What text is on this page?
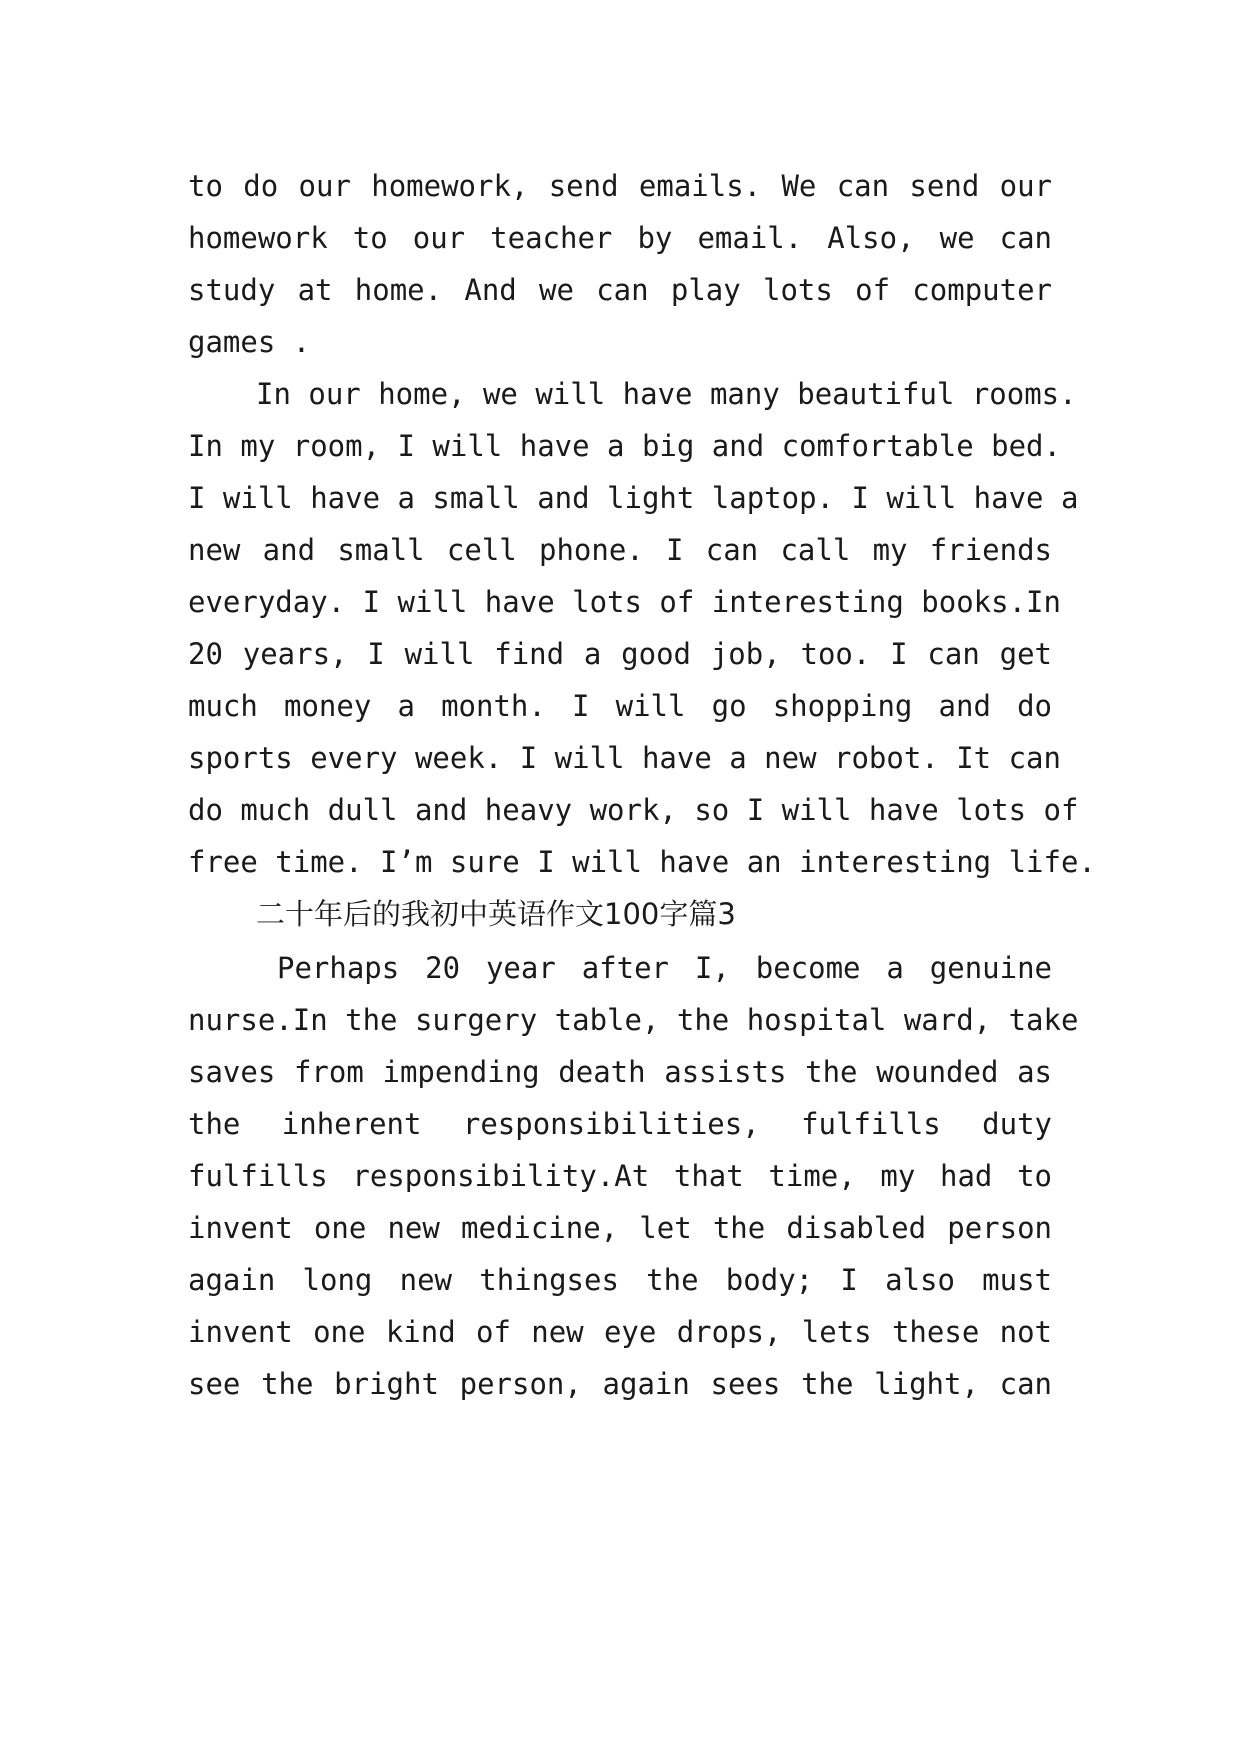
to do our homework, send emails. We can send our
homework to our teacher by email. Also, we can
study at home. And we can play lots of computer
games .
In our home, we will have many beautiful rooms.
In my room, I will have a big and comfortable bed.
I will have a small and light laptop. I will have a
new and small cell phone. I can call my friends
everyday. I will have lots of interesting books.In
20 years, I will find a good job, too. I can get
much money a month. I will go shopping and do
sports every week. I will have a new robot. It can
do much dull and heavy work, so I will have lots of
free time. I’m sure I will have an interesting life.
二十年后的我初中英语作文100字篇3
Perhaps 20 year after I, become a genuine
nurse.In the surgery table, the hospital ward, take
saves from impending death assists the wounded as
the inherent responsibilities, fulfills duty
fulfills responsibility.At that time, my had to
invent one new medicine, let the disabled person
again long new thingses the body; I also must
invent one kind of new eye drops, lets these not
see the bright person, again sees the light, can
